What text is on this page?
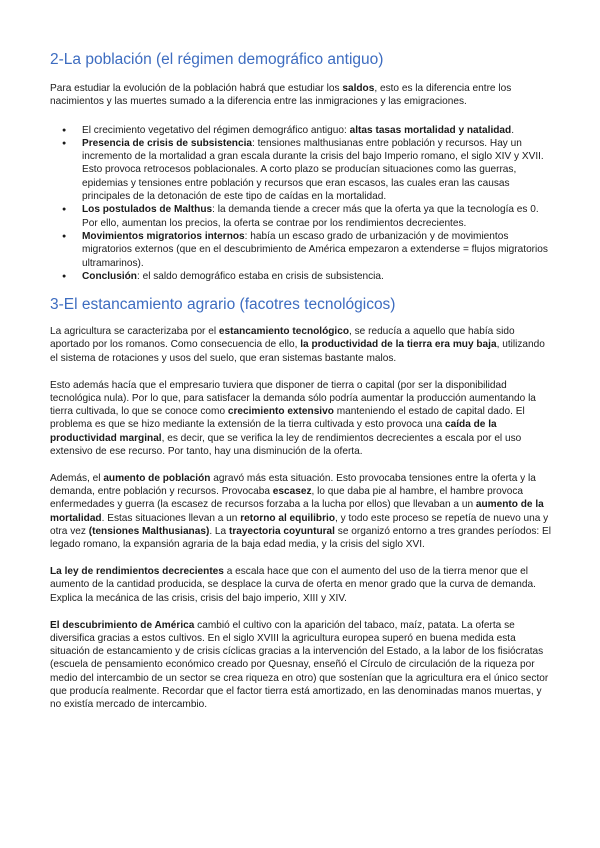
2-La población (el régimen demográfico antiguo)

Para estudiar la evolución de la población habrá que estudiar los saldos, esto es la diferencia entre los nacimientos y las muertes sumado a la diferencia entre las inmigraciones y las emigraciones.

● El crecimiento vegetativo del régimen demográfico antiguo: altas tasas mortalidad y natalidad.
● Presencia de crisis de subsistencia: tensiones malthusianas entre población y recursos. Hay un incremento de la mortalidad a gran escala durante la crisis del bajo Imperio romano, el siglo XIV y XVII. Esto provoca retrocesos poblacionales. A corto plazo se producían situaciones como las guerras, epidemias y tensiones entre población y recursos que eran escasos, las cuales eran las causas principales de la detonación de este tipo de caídas en la mortalidad.
● Los postulados de Malthus: la demanda tiende a crecer más que la oferta ya que la tecnología es 0. Por ello, aumentan los precios, la oferta se contrae por los rendimientos decrecientes.
● Movimientos migratorios internos: había un escaso grado de urbanización y de movimientos migratorios externos (que en el descubrimiento de América empezaron a extenderse = flujos migratorios ultramarinos).
● Conclusión: el saldo demográfico estaba en crisis de subsistencia.
3-El estancamiento agrario (facotres tecnológicos)

La agricultura se caracterizaba por el estancamiento tecnológico, se reducía a aquello que había sido aportado por los romanos. Como consecuencia de ello, la productividad de la tierra era muy baja, utilizando el sistema de rotaciones y usos del suelo, que eran sistemas bastante malos.

Esto además hacía que el empresario tuviera que disponer de tierra o capital (por ser la disponibilidad tecnológica nula). Por lo que, para satisfacer la demanda sólo podría aumentar la producción aumentando la tierra cultivada, lo que se conoce como crecimiento extensivo manteniendo el estado de capital dado. El problema es que se hizo mediante la extensión de la tierra cultivada y esto provoca una caída de la productividad marginal, es decir, que se verifica la ley de rendimientos decrecientes a escala por el uso extensivo de ese recurso. Por tanto, hay una disminución de la oferta.

Además, el aumento de población agravó más esta situación. Esto provocaba tensiones entre la oferta y la demanda, entre población y recursos. Provocaba escasez, lo que daba pie al hambre, el hambre provoca enfermedades y guerra (la escasez de recursos forzaba a la lucha por ellos) que llevaban a un aumento de la mortalidad. Estas situaciones llevan a un retorno al equilibrio, y todo este proceso se repetía de nuevo una y otra vez (tensiones Malthusianas). La trayectoria coyuntural se organizó entorno a tres grandes períodos: El legado romano, la expansión agraria de la baja edad media, y la crisis del siglo XVI.

La ley de rendimientos decrecientes a escala hace que con el aumento del uso de la tierra menor que el aumento de la cantidad producida, se desplace la curva de oferta en menor grado que la curva de demanda. Explica la mecánica de las crisis, crisis del bajo imperio, XIII y XIV.

El descubrimiento de América cambió el cultivo con la aparición del tabaco, maíz, patata. La oferta se diversifica gracias a estos cultivos. En el siglo XVIII la agricultura europea superó en buena medida esta situación de estancamiento y de crisis cíclicas gracias a la intervención del Estado, a la labor de los fisiócratas (escuela de pensamiento económico creado por Quesnay, enseñó el Círculo de circulación de la riqueza por medio del intercambio de un sector se crea riqueza en otro) que sostenían que la agricultura era el único sector que producía realmente. Recordar que el factor tierra está amortizado, en las denominadas manos muertas, y no existía mercado de intercambio.
